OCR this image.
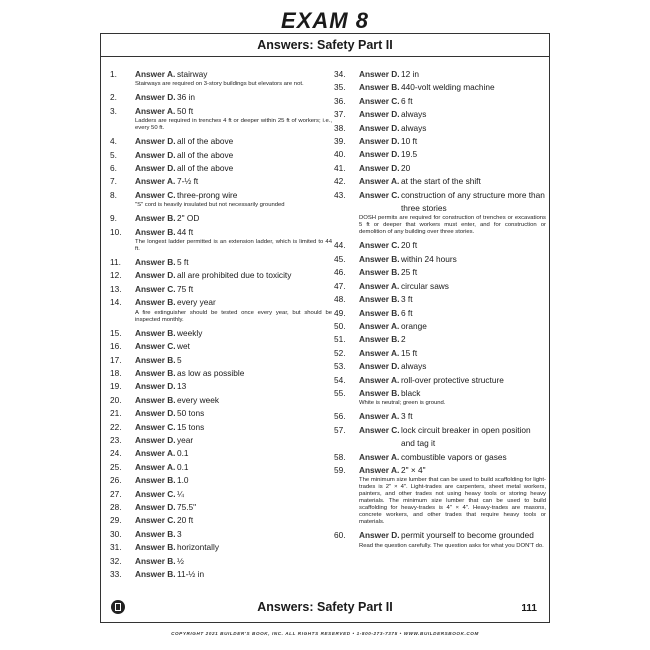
EXAM 8
Answers: Safety Part II
1.	Answer A. stairway
Stairways are required on 3-story buildings but elevators are not.
2.	Answer D. 36 in
3.	Answer A. 50 ft
Ladders are required in trenches 4 ft or deeper within 25 ft of workers; i.e., every 50 ft.
4.	Answer D. all of the above
5.	Answer D. all of the above
6.	Answer D. all of the above
7.	Answer A. 7-½ ft
8.	Answer C. three-prong wire
"S" cord is heavily insulated but not necessarily grounded
9.	Answer B. 2" OD
10.	Answer B. 44 ft
The longest ladder permitted is an extension ladder, which is limited to 44 ft.
11.	Answer B. 5 ft
12.	Answer D. all are prohibited due to toxicity
13.	Answer C. 75 ft
14.	Answer B. every year
A fire extinguisher should be tested once every year, but should be inspected monthly.
15.	Answer B. weekly
16.	Answer C. wet
17.	Answer B. 5
18.	Answer B. as low as possible
19.	Answer D. 13
20.	Answer B. every week
21.	Answer D. 50 tons
22.	Answer C. 15 tons
23.	Answer D. year
24.	Answer A. 0.1
25.	Answer A. 0.1
26.	Answer B. 1.0
27.	Answer C. ¼
28.	Answer D. 75.5"
29.	Answer C. 20 ft
30.	Answer B. 3
31.	Answer B. horizontally
32.	Answer B. ½
33.	Answer B. 11-½ in
34.	Answer D. 12 in
35.	Answer B. 440-volt welding machine
36.	Answer C. 6 ft
37.	Answer D. always
38.	Answer D. always
39.	Answer D. 10 ft
40.	Answer D. 19.5
41.	Answer D. 20
42.	Answer A. at the start of the shift
43.	Answer C. construction of any structure more than three stories
DOSH permits are required for construction of trenches or excavations 5 ft or deeper that workers must enter, and for construction or demolition of any building over three stories.
44.	Answer C. 20 ft
45.	Answer B. within 24 hours
46.	Answer B. 25 ft
47.	Answer A. circular saws
48.	Answer B. 3 ft
49.	Answer B. 6 ft
50.	Answer A. orange
51.	Answer B. 2
52.	Answer A. 15 ft
53.	Answer D. always
54.	Answer A. roll-over protective structure
55.	Answer B. black
White is neutral; green is ground.
56.	Answer A. 3 ft
57.	Answer C. lock circuit breaker in open position and tag it
58.	Answer A. combustible vapors or gases
59.	Answer A. 2" × 4"
The minimum size lumber that can be used to build scaffolding for light-trades is 2" × 4". Light-trades are carpenters, sheet metal workers, painters, and other trades not using heavy tools or storing heavy materials. The minimum size lumber that can be used to build scaffolding for heavy-trades is 4" × 4". Heavy-trades are masons, concrete workers, and other trades that require heavy tools or materials.
60.	Answer D. permit yourself to become grounded
Read the question carefully. The question asks for what you DON'T do.
Answers: Safety Part II	111
COPYRIGHT 2021 BUILDER'S BOOK, INC. ALL RIGHTS RESERVED • 1-800-273-7375 • WWW.BUILDERSBOOK.COM
